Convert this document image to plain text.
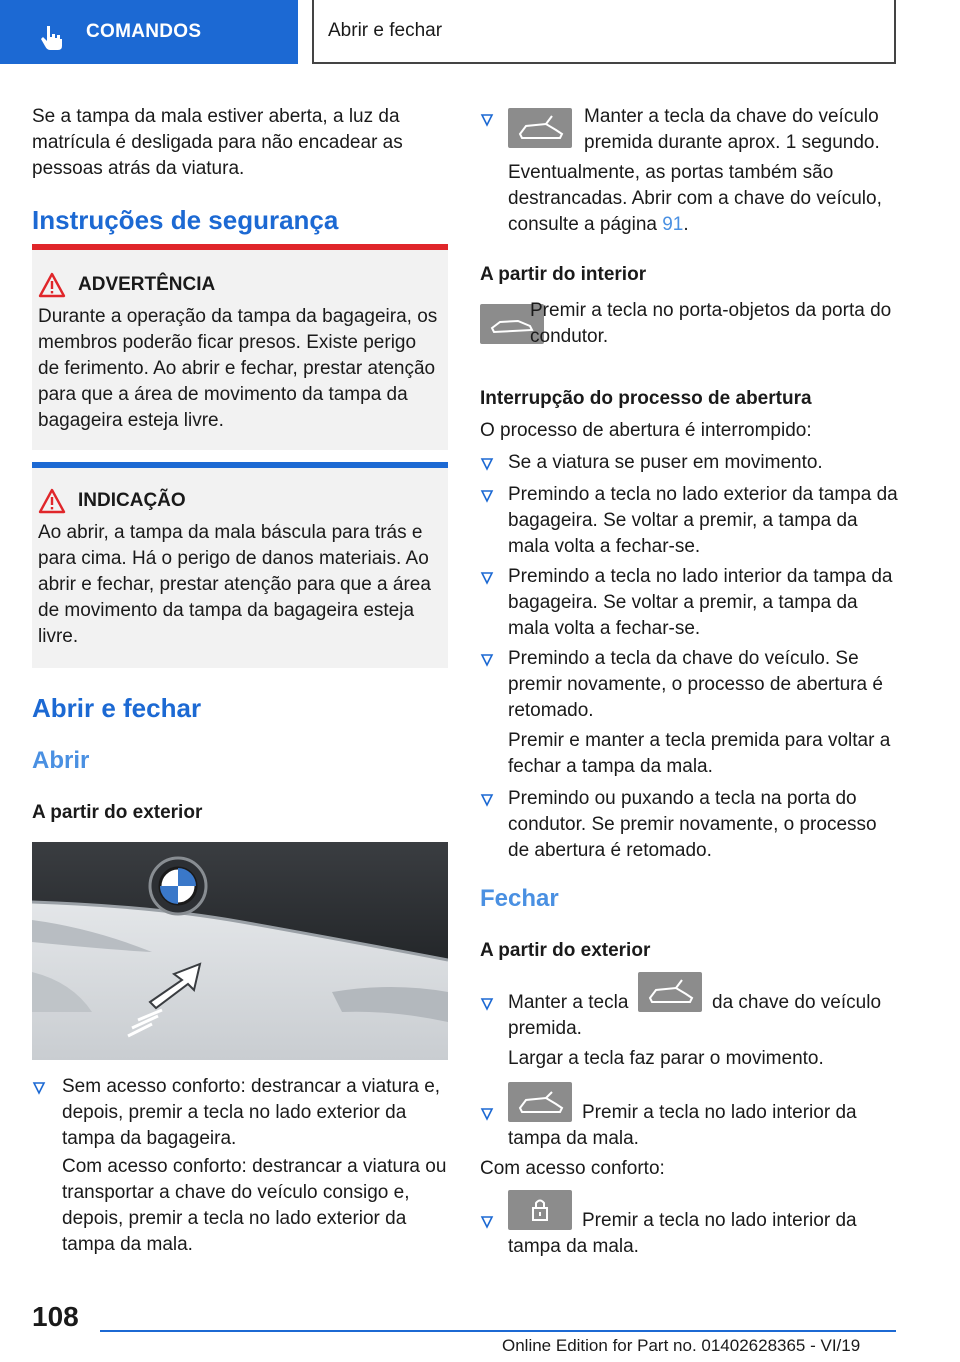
COMANDOS	Abrir e fechar
Se a tampa da mala estiver aberta, a luz da matrícula é desligada para não encadear as pessoas atrás da viatura.
Instruções de segurança
ADVERTÊNCIA
Durante a operação da tampa da bagageira, os membros poderão ficar presos. Existe perigo de ferimento. Ao abrir e fechar, prestar atenção para que a área de movimento da tampa da bagageira esteja livre.
INDICAÇÃO
Ao abrir, a tampa da mala báscula para trás e para cima. Há o perigo de danos materiais. Ao abrir e fechar, prestar atenção para que a área de movimento da tampa da bagageira esteja livre.
Abrir e fechar
Abrir
A partir do exterior
Sem acesso conforto: destrancar a viatura e, depois, premir a tecla no lado exterior da tampa da bagageira.
Com acesso conforto: destrancar a viatura ou transportar a chave do veículo consigo e, depois, premir a tecla no lado exterior da tampa da mala.
Manter a tecla da chave do veículo premida durante aprox. 1 segundo.
Eventualmente, as portas também são destrancadas. Abrir com a chave do veículo, consulte a página 91.
A partir do interior
Premir a tecla no porta-objetos da porta do condutor.
Interrupção do processo de abertura
O processo de abertura é interrompido:
Se a viatura se puser em movimento.
Premindo a tecla no lado exterior da tampa da bagageira. Se voltar a premir, a tampa da mala volta a fechar-se.
Premindo a tecla no lado interior da tampa da bagageira. Se voltar a premir, a tampa da mala volta a fechar-se.
Premindo a tecla da chave do veículo. Se premir novamente, o processo de abertura é retomado.
Premir e manter a tecla premida para voltar a fechar a tampa da mala.
Premindo ou puxando a tecla na porta do condutor. Se premir novamente, o processo de abertura é retomado.
Fechar
A partir do exterior
Manter a tecla	da chave do veículo premida.
Largar a tecla faz parar o movimento.
Premir a tecla no lado interior da tampa da mala.
Com acesso conforto:
Premir a tecla no lado interior da tampa da mala.
108
Online Edition for Part no. 01402628365 - VI/19
